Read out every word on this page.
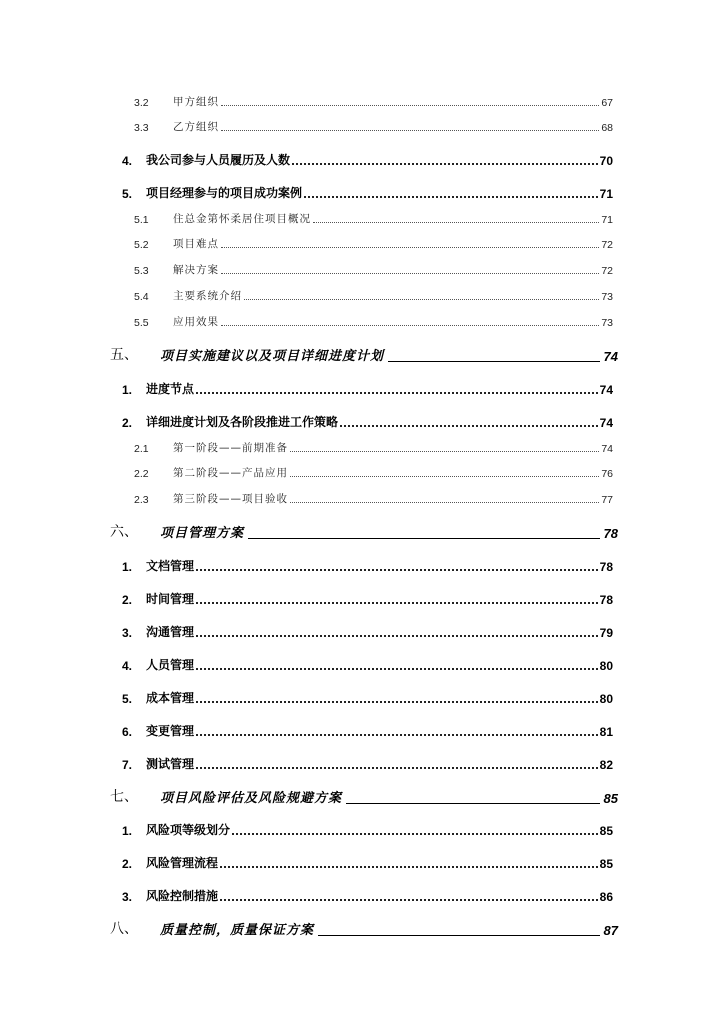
3.2	甲方组织	67
3.3	乙方组织	68
4.	我公司参与人员履历及人数	70
5.	项目经理参与的项目成功案例	71
5.1	住总金第怀柔居住项目概况	71
5.2	项目难点	72
5.3	解决方案	72
5.4	主要系统介绍	73
5.5	应用效果	73
五、	项目实施建议以及项目详细进度计划	74
1.	进度节点	74
2.	详细进度计划及各阶段推进工作策略	74
2.1	第一阶段——前期准备	74
2.2	第二阶段——产品应用	76
2.3	第三阶段——项目验收	77
六、	项目管理方案	78
1.	文档管理	78
2.	时间管理	78
3.	沟通管理	79
4.	人员管理	80
5.	成本管理	80
6.	变更管理	81
7.	测试管理	82
七、	项目风险评估及风险规避方案	85
1.	风险项等级划分	85
2.	风险管理流程	85
3.	风险控制措施	86
八、	质量控制，质量保证方案	87
